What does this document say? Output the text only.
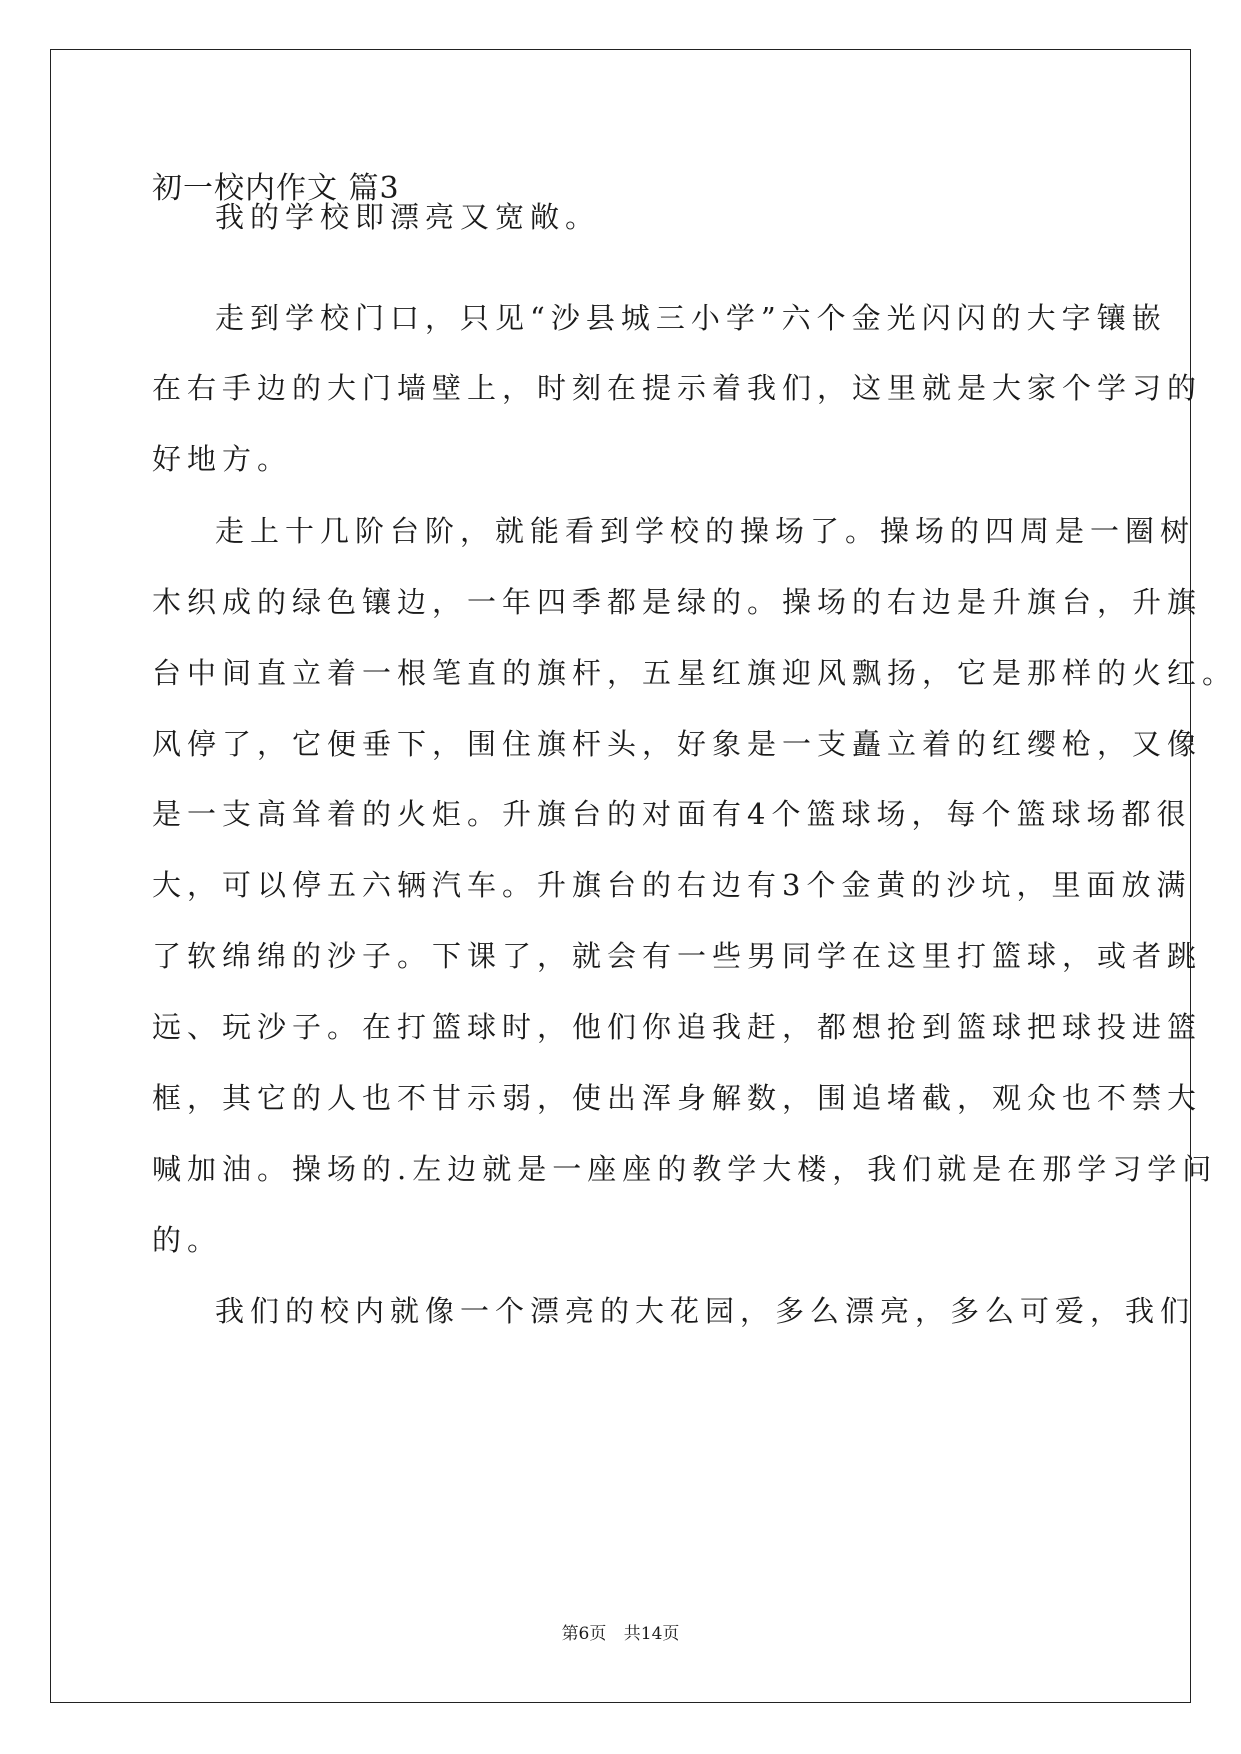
初一校内作文 篇3
我的学校即漂亮又宽敞。
走到学校门口，只见“沙县城三小学”六个金光闪闪的大字镶嵌
在右手边的大门墙壁上，时刻在提示着我们，这里就是大家个学习的
好地方。
走上十几阶台阶，就能看到学校的操场了。操场的四周是一圈树
木织成的绿色镶边，一年四季都是绿的。操场的右边是升旗台，升旗
台中间直立着一根笔直的旗杆，五星红旗迎风飘扬，它是那样的火红。
风停了，它便垂下，围住旗杆头，好象是一支矗立着的红缨枪，又像
是一支高耸着的火炬。升旗台的对面有4个篮球场，每个篮球场都很
大，可以停五六辆汽车。升旗台的右边有3个金黄的沙坑，里面放满
了软绵绵的沙子。下课了，就会有一些男同学在这里打篮球，或者跳
远、玩沙子。在打篮球时，他们你追我赶，都想抢到篮球把球投进篮
框，其它的人也不甘示弱，使出浑身解数，围追堵截，观众也不禁大
喊加油。操场的.左边就是一座座的教学大楼，我们就是在那学习学问
的。
我们的校内就像一个漂亮的大花园，多么漂亮，多么可爱，我们
第6页 共14页
